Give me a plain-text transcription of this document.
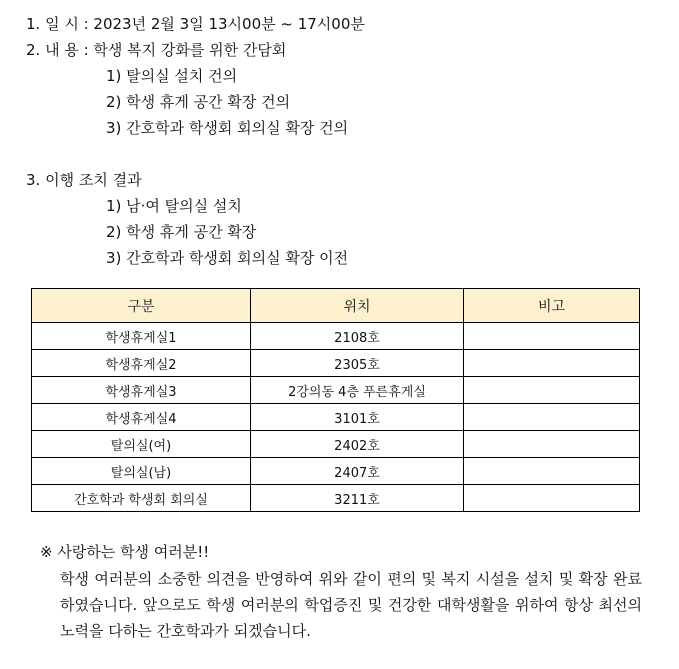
1. 일 시 : 2023년 2월 3일 13시00분 ~ 17시00분
2. 내 용 : 학생 복지 강화를 위한 간담회
1) 탈의실 설치 건의
2) 학생 휴게 공간 확장 건의
3) 간호학과 학생회 회의실 확장 건의
3. 이행 조치 결과
1) 남·여 탈의실 설치
2) 학생 휴게 공간 확장
3) 간호학과 학생회 회의실 확장 이전
구분	위치	비고
학생휴게실1	2108호	
학생휴게실2	2305호	
학생휴게실3	2강의동 4층 푸른휴게실	
학생휴게실4	3101호	
탈의실(여)	2402호	
탈의실(남)	2407호	
간호학과 학생회 회의실	3211호	
※ 사랑하는 학생 여러분!!
학생 여러분의 소중한 의견을 반영하여 위와 같이 편의 및 복지 시설을 설치 및 확장 완료하였습니다. 앞으로도 학생 여러분의 학업증진 및 건강한 대학생활을 위하여 항상 최선의 노력을 다하는 간호학과가 되겠습니다.
